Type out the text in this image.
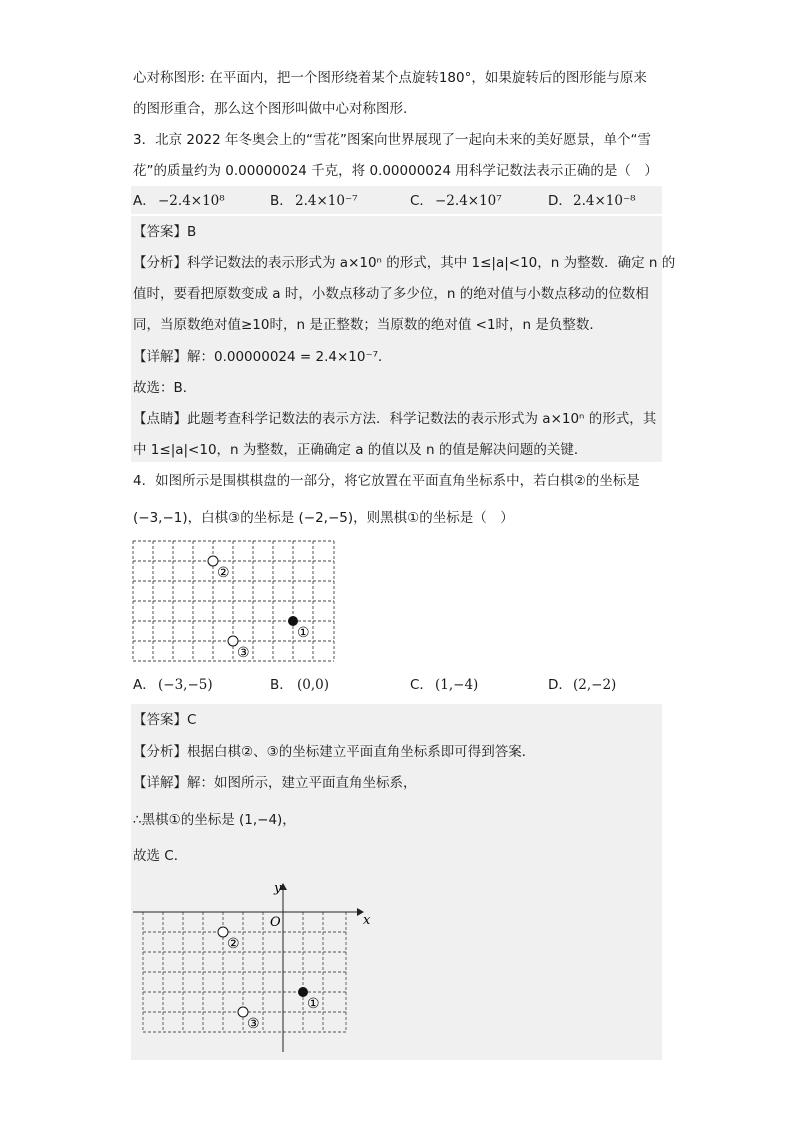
心对称图形: 在平面内，把一个图形绕着某个点旋转180°，如果旋转后的图形能与原来
的图形重合，那么这个图形叫做中心对称图形.
3．北京 2022 年冬奥会上的“雪花”图案向世界展现了一起向未来的美好愿景，单个“雪
花”的质量约为 0.00000024 千克，将 0.00000024 用科学记数法表示正确的是（　）
A． −2.4×10⁸	B． 2.4×10⁻⁷	C． −2.4×10⁷	D． 2.4×10⁻⁸
【答案】B
【分析】科学记数法的表示形式为 a×10ⁿ 的形式，其中 1≤|a|<10，n 为整数．确定 n 的
值时，要看把原数变成 a 时，小数点移动了多少位，n 的绝对值与小数点移动的位数相
同，当原数绝对值≥10时，n 是正整数；当原数的绝对值 <1时，n 是负整数．
【详解】解：0.00000024 = 2.4×10⁻⁷．
故选：B．
【点睛】此题考查科学记数法的表示方法．科学记数法的表示形式为 a×10ⁿ 的形式，其
中 1≤|a|<10，n 为整数，正确确定 a 的值以及 n 的值是解决问题的关键．
4．如图所示是围棋棋盘的一部分，将它放置在平面直角坐标系中，若白棋②的坐标是
(−3,−1)，白棋③的坐标是 (−2,−5)，则黑棋①的坐标是（　）
②
③
①
A． (−3,−5)	B． (0,0)	C． (1,−4)	D． (2,−2)
【答案】C
【分析】根据白棋②、③的坐标建立平面直角坐标系即可得到答案．
【详解】解：如图所示，建立平面直角坐标系，
∴黑棋①的坐标是 (1,−4)，
故选 C．
x
y
O
②
③
①
